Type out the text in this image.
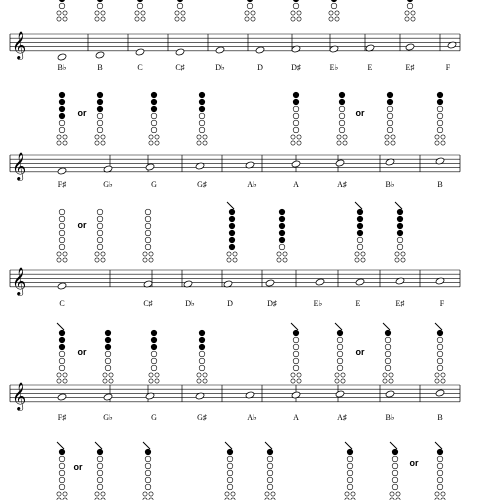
𝄞
𝄞
𝄞
𝄞
or	or
or
or	or
or	or
B♭	B	C	C♯	D♭	D	D♯	E♭	E	E♯	F
F♯	G♭	G	G♯	A♭	A	A♯	B♭	B
C	C♯	D♭	D	D♯	E♭	E	E♯	F
F♯	G♭	G	G♯	A♭	A	A♯	B♭	B
